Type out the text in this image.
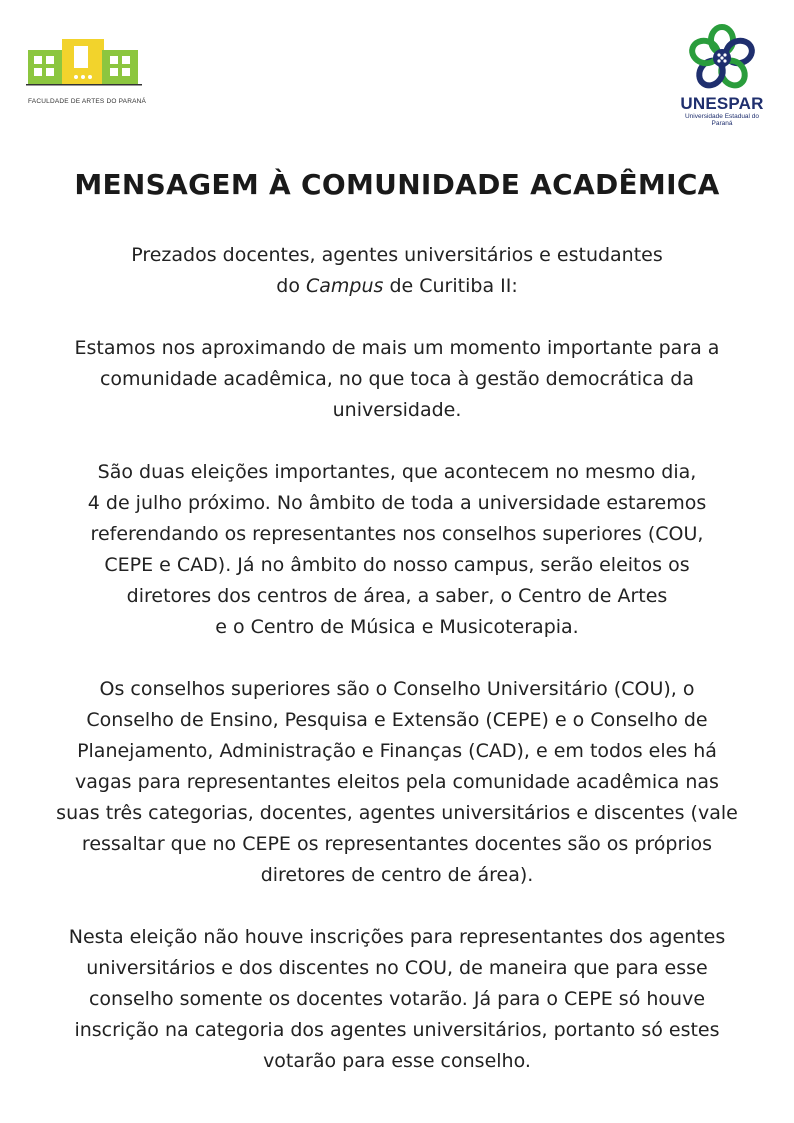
FACULDADE DE ARTES DO PARANÁ	UNESPAR
Universidade Estadual do Paraná
MENSAGEM À COMUNIDADE ACADÊMICA

Prezados docentes, agentes universitários e estudantes
do Campus de Curitiba II:

Estamos nos aproximando de mais um momento importante para a
comunidade acadêmica, no que toca à gestão democrática da
universidade.

São duas eleições importantes, que acontecem no mesmo dia,
4 de julho próximo. No âmbito de toda a universidade estaremos
referendando os representantes nos conselhos superiores (COU,
CEPE e CAD). Já no âmbito do nosso campus, serão eleitos os
diretores dos centros de área, a saber, o Centro de Artes
e o Centro de Música e Musicoterapia.

Os conselhos superiores são o Conselho Universitário (COU), o
Conselho de Ensino, Pesquisa e Extensão (CEPE) e o Conselho de
Planejamento, Administração e Finanças (CAD), e em todos eles há
vagas para representantes eleitos pela comunidade acadêmica nas
suas três categorias, docentes, agentes universitários e discentes (vale
ressaltar que no CEPE os representantes docentes são os próprios
diretores de centro de área).

Nesta eleição não houve inscrições para representantes dos agentes
universitários e dos discentes no COU, de maneira que para esse
conselho somente os docentes votarão. Já para o CEPE só houve
inscrição na categoria dos agentes universitários, portanto só estes
votarão para esse conselho.
